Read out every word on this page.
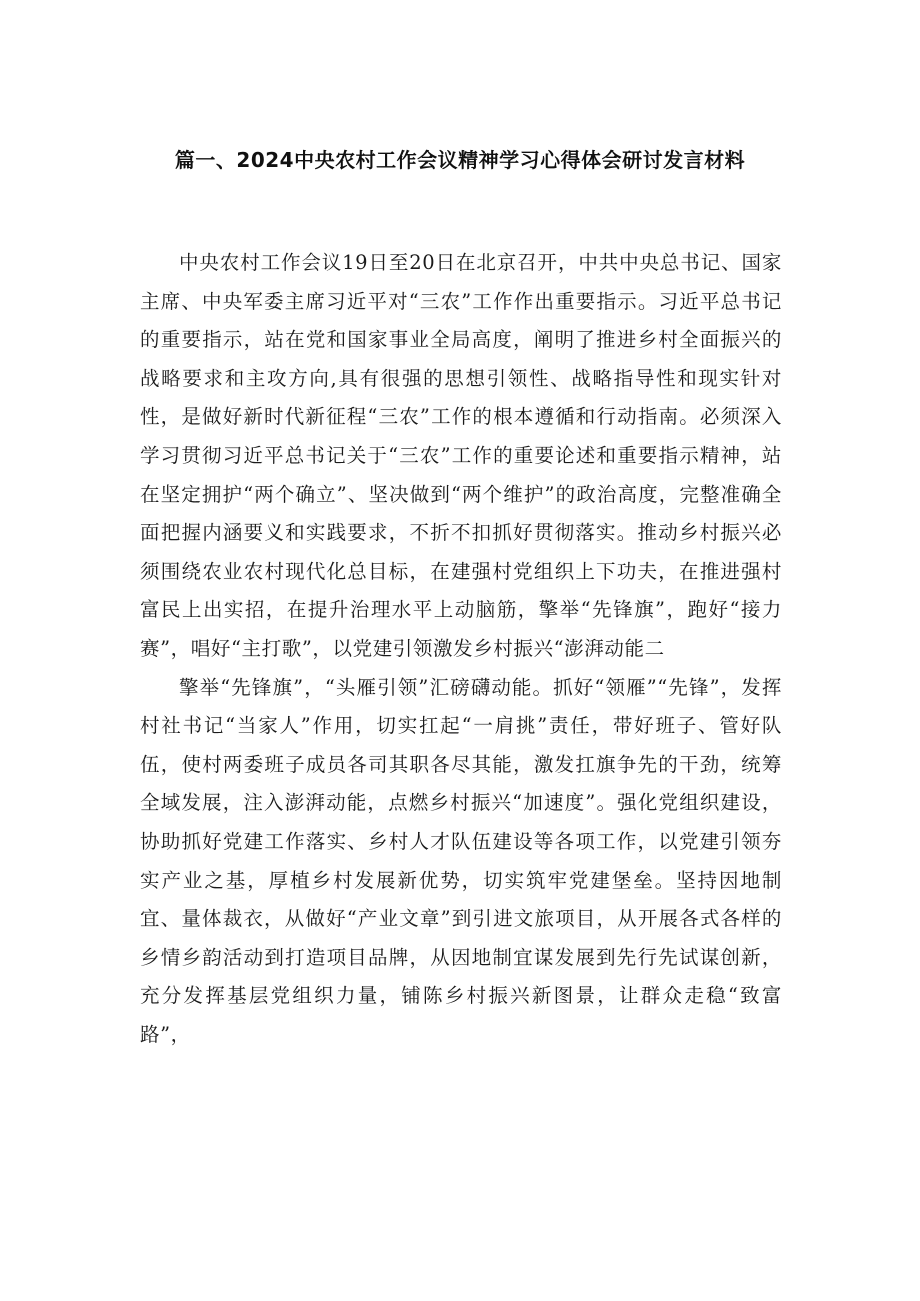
篇一、2024中央农村工作会议精神学习心得体会研讨发言材料

中央农村工作会议19日至20日在北京召开，中共中央总书记、国家主席、中央军委主席习近平对“三农”工作作出重要指示。习近平总书记的重要指示，站在党和国家事业全局高度，阐明了推进乡村全面振兴的战略要求和主攻方向,具有很强的思想引领性、战略指导性和现实针对性，是做好新时代新征程“三农”工作的根本遵循和行动指南。必须深入学习贯彻习近平总书记关于“三农”工作的重要论述和重要指示精神，站在坚定拥护“两个确立”、坚决做到“两个维护”的政治高度，完整准确全面把握内涵要义和实践要求，不折不扣抓好贯彻落实。推动乡村振兴必须围绕农业农村现代化总目标，在建强村党组织上下功夫，在推进强村富民上出实招，在提升治理水平上动脑筋，擎举“先锋旗”，跑好“接力赛”，唱好“主打歌”，以党建引领激发乡村振兴“澎湃动能二

擎举“先锋旗”，“头雁引领”汇磅礴动能。抓好“领雁”“先锋”，发挥村社书记“当家人”作用，切实扛起“一肩挑”责任，带好班子、管好队伍，使村两委班子成员各司其职各尽其能，激发扛旗争先的干劲，统筹全域发展，注入澎湃动能，点燃乡村振兴“加速度”。强化党组织建设，协助抓好党建工作落实、乡村人才队伍建设等各项工作，以党建引领夯实产业之基，厚植乡村发展新优势，切实筑牢党建堡垒。坚持因地制宜、量体裁衣，从做好“产业文章”到引进文旅项目，从开展各式各样的乡情乡韵活动到打造项目品牌，从因地制宜谋发展到先行先试谋创新，充分发挥基层党组织力量，铺陈乡村振兴新图景，让群众走稳“致富路”，
